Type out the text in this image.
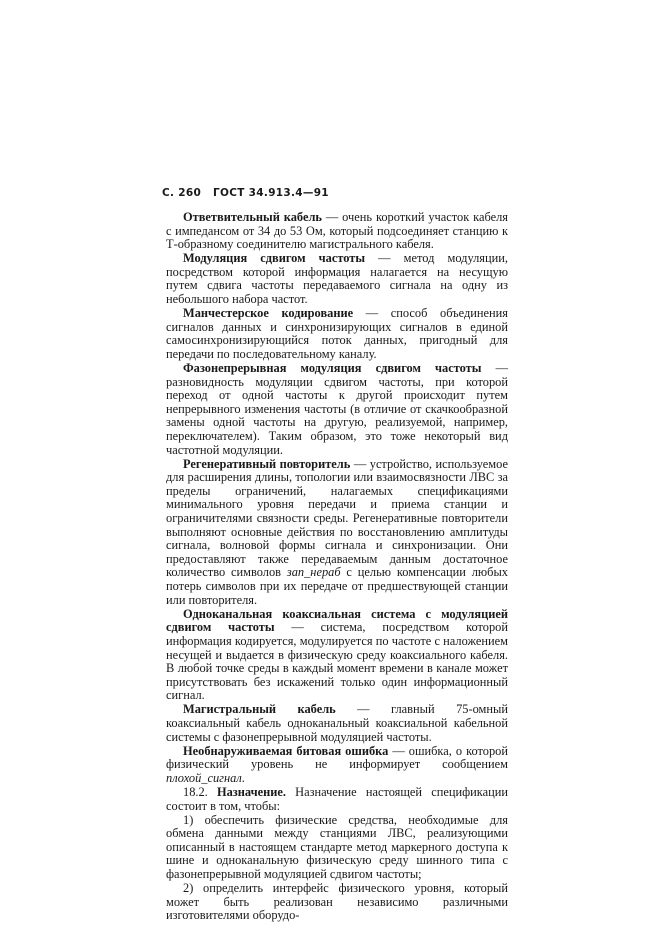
С. 260 ГОСТ 34.913.4—91

Ответвительный кабель — очень короткий участок кабеля с импедансом от 34 до 53 Ом, который подсоединяет станцию к Т-образному соединителю магистрального кабеля.

Модуляция сдвигом частоты — метод модуляции, посредством которой информация налагается на несущую путем сдвига частоты передаваемого сигнала на одну из небольшого набора частот.

Манчестерское кодирование — способ объединения сигналов данных и синхронизирующих сигналов в единой самосинхронизирующийся поток данных, пригодный для передачи по последовательному каналу.

Фазонепрерывная модуляция сдвигом частоты — разновидность модуляции сдвигом частоты, при которой переход от одной частоты к другой происходит путем непрерывного изменения частоты (в отличие от скачкообразной замены одной частоты на другую, реализуемой, например, переключателем). Таким образом, это тоже некоторый вид частотной модуляции.

Регенеративный повторитель — устройство, используемое для расширения длины, топологии или взаимосвязности ЛВС за пределы ограничений, налагаемых спецификациями минимального уровня передачи и приема станции и ограничителями связности среды. Регенеративные повторители выполняют основные действия по восстановлению амплитуды сигнала, волновой формы сигнала и синхронизации. Они предоставляют также передаваемым данным достаточное количество символов зап_нераб с целью компенсации любых потерь символов при их передаче от предшествующей станции или повторителя.

Одноканальная коаксиальная система с модуляцией сдвигом частоты — система, посредством которой информация кодируется, модулируется по частоте с наложением несущей и выдается в физическую среду коаксиального кабеля. В любой точке среды в каждый момент времени в канале может присутствовать без искажений только один информационный сигнал.

Магистральный кабель — главный 75-омный коаксиальный кабель одноканальный коаксиальной кабельной системы с фазонепрерывной модуляцией частоты.

Необнаруживаемая битовая ошибка — ошибка, о которой физический уровень не информирует сообщением плохой_сигнал.

18.2. Назначение. Назначение настоящей спецификации состоит в том, чтобы:

1) обеспечить физические средства, необходимые для обмена данными между станциями ЛВС, реализующими описанный в настоящем стандарте метод маркерного доступа к шине и одноканальную физическую среду шинного типа с фазонепрерывной модуляцией сдвигом частоты;

2) определить интерфейс физического уровня, который может быть реализован независимо различными изготовителями оборудо-
